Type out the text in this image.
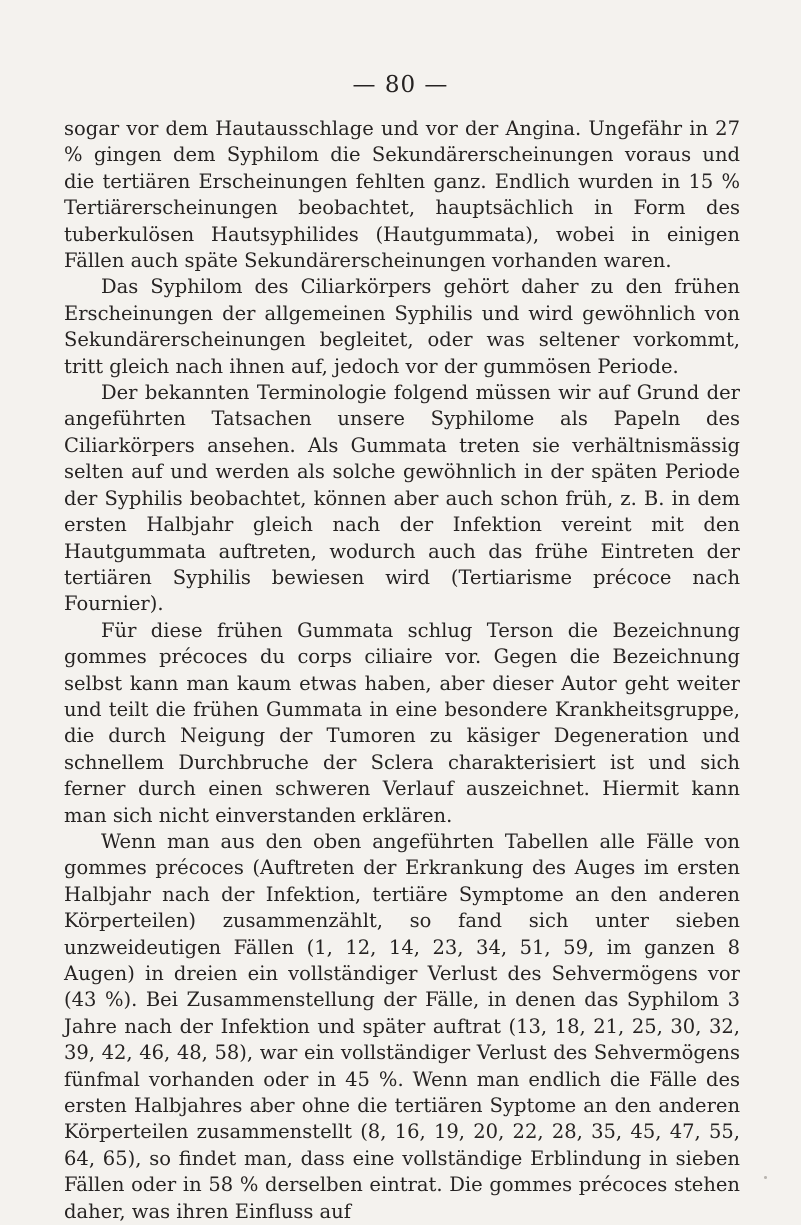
— 80 —

sogar vor dem Hautausschlage und vor der Angina. Ungefähr in 27 % gingen dem Syphilom die Sekundärerscheinungen voraus und die tertiären Erscheinungen fehlten ganz. Endlich wurden in 15 % Tertiärerscheinungen beobachtet, hauptsächlich in Form des tuberkulösen Hautsyphilides (Hautgummata), wobei in einigen Fällen auch späte Sekundärerscheinungen vorhanden waren.

Das Syphilom des Ciliarkörpers gehört daher zu den frühen Erscheinungen der allgemeinen Syphilis und wird gewöhnlich von Sekundärerscheinungen begleitet, oder was seltener vorkommt, tritt gleich nach ihnen auf, jedoch vor der gummösen Periode.

Der bekannten Terminologie folgend müssen wir auf Grund der angeführten Tatsachen unsere Syphilome als Papeln des Ciliarkörpers ansehen. Als Gummata treten sie verhältnismässig selten auf und werden als solche gewöhnlich in der späten Periode der Syphilis beobachtet, können aber auch schon früh, z. B. in dem ersten Halbjahr gleich nach der Infektion vereint mit den Hautgummata auftreten, wodurch auch das frühe Eintreten der tertiären Syphilis bewiesen wird (Tertiarisme précoce nach Fournier).

Für diese frühen Gummata schlug Terson die Bezeichnung gommes précoces du corps ciliaire vor. Gegen die Bezeichnung selbst kann man kaum etwas haben, aber dieser Autor geht weiter und teilt die frühen Gummata in eine besondere Krankheitsgruppe, die durch Neigung der Tumoren zu käsiger Degeneration und schnellem Durchbruche der Sclera charakterisiert ist und sich ferner durch einen schweren Verlauf auszeichnet. Hiermit kann man sich nicht einverstanden erklären.

Wenn man aus den oben angeführten Tabellen alle Fälle von gommes précoces (Auftreten der Erkrankung des Auges im ersten Halbjahr nach der Infektion, tertiäre Symptome an den anderen Körperteilen) zusammenzählt, so fand sich unter sieben unzweideutigen Fällen (1, 12, 14, 23, 34, 51, 59, im ganzen 8 Augen) in dreien ein vollständiger Verlust des Sehvermögens vor (43 %). Bei Zusammenstellung der Fälle, in denen das Syphilom 3 Jahre nach der Infektion und später auftrat (13, 18, 21, 25, 30, 32, 39, 42, 46, 48, 58), war ein vollständiger Verlust des Sehvermögens fünfmal vorhanden oder in 45 %. Wenn man endlich die Fälle des ersten Halbjahres aber ohne die tertiären Syptome an den anderen Körperteilen zusammenstellt (8, 16, 19, 20, 22, 28, 35, 45, 47, 55, 64, 65), so findet man, dass eine vollständige Erblindung in sieben Fällen oder in 58 % derselben eintrat. Die gommes précoces stehen daher, was ihren Einfluss auf
